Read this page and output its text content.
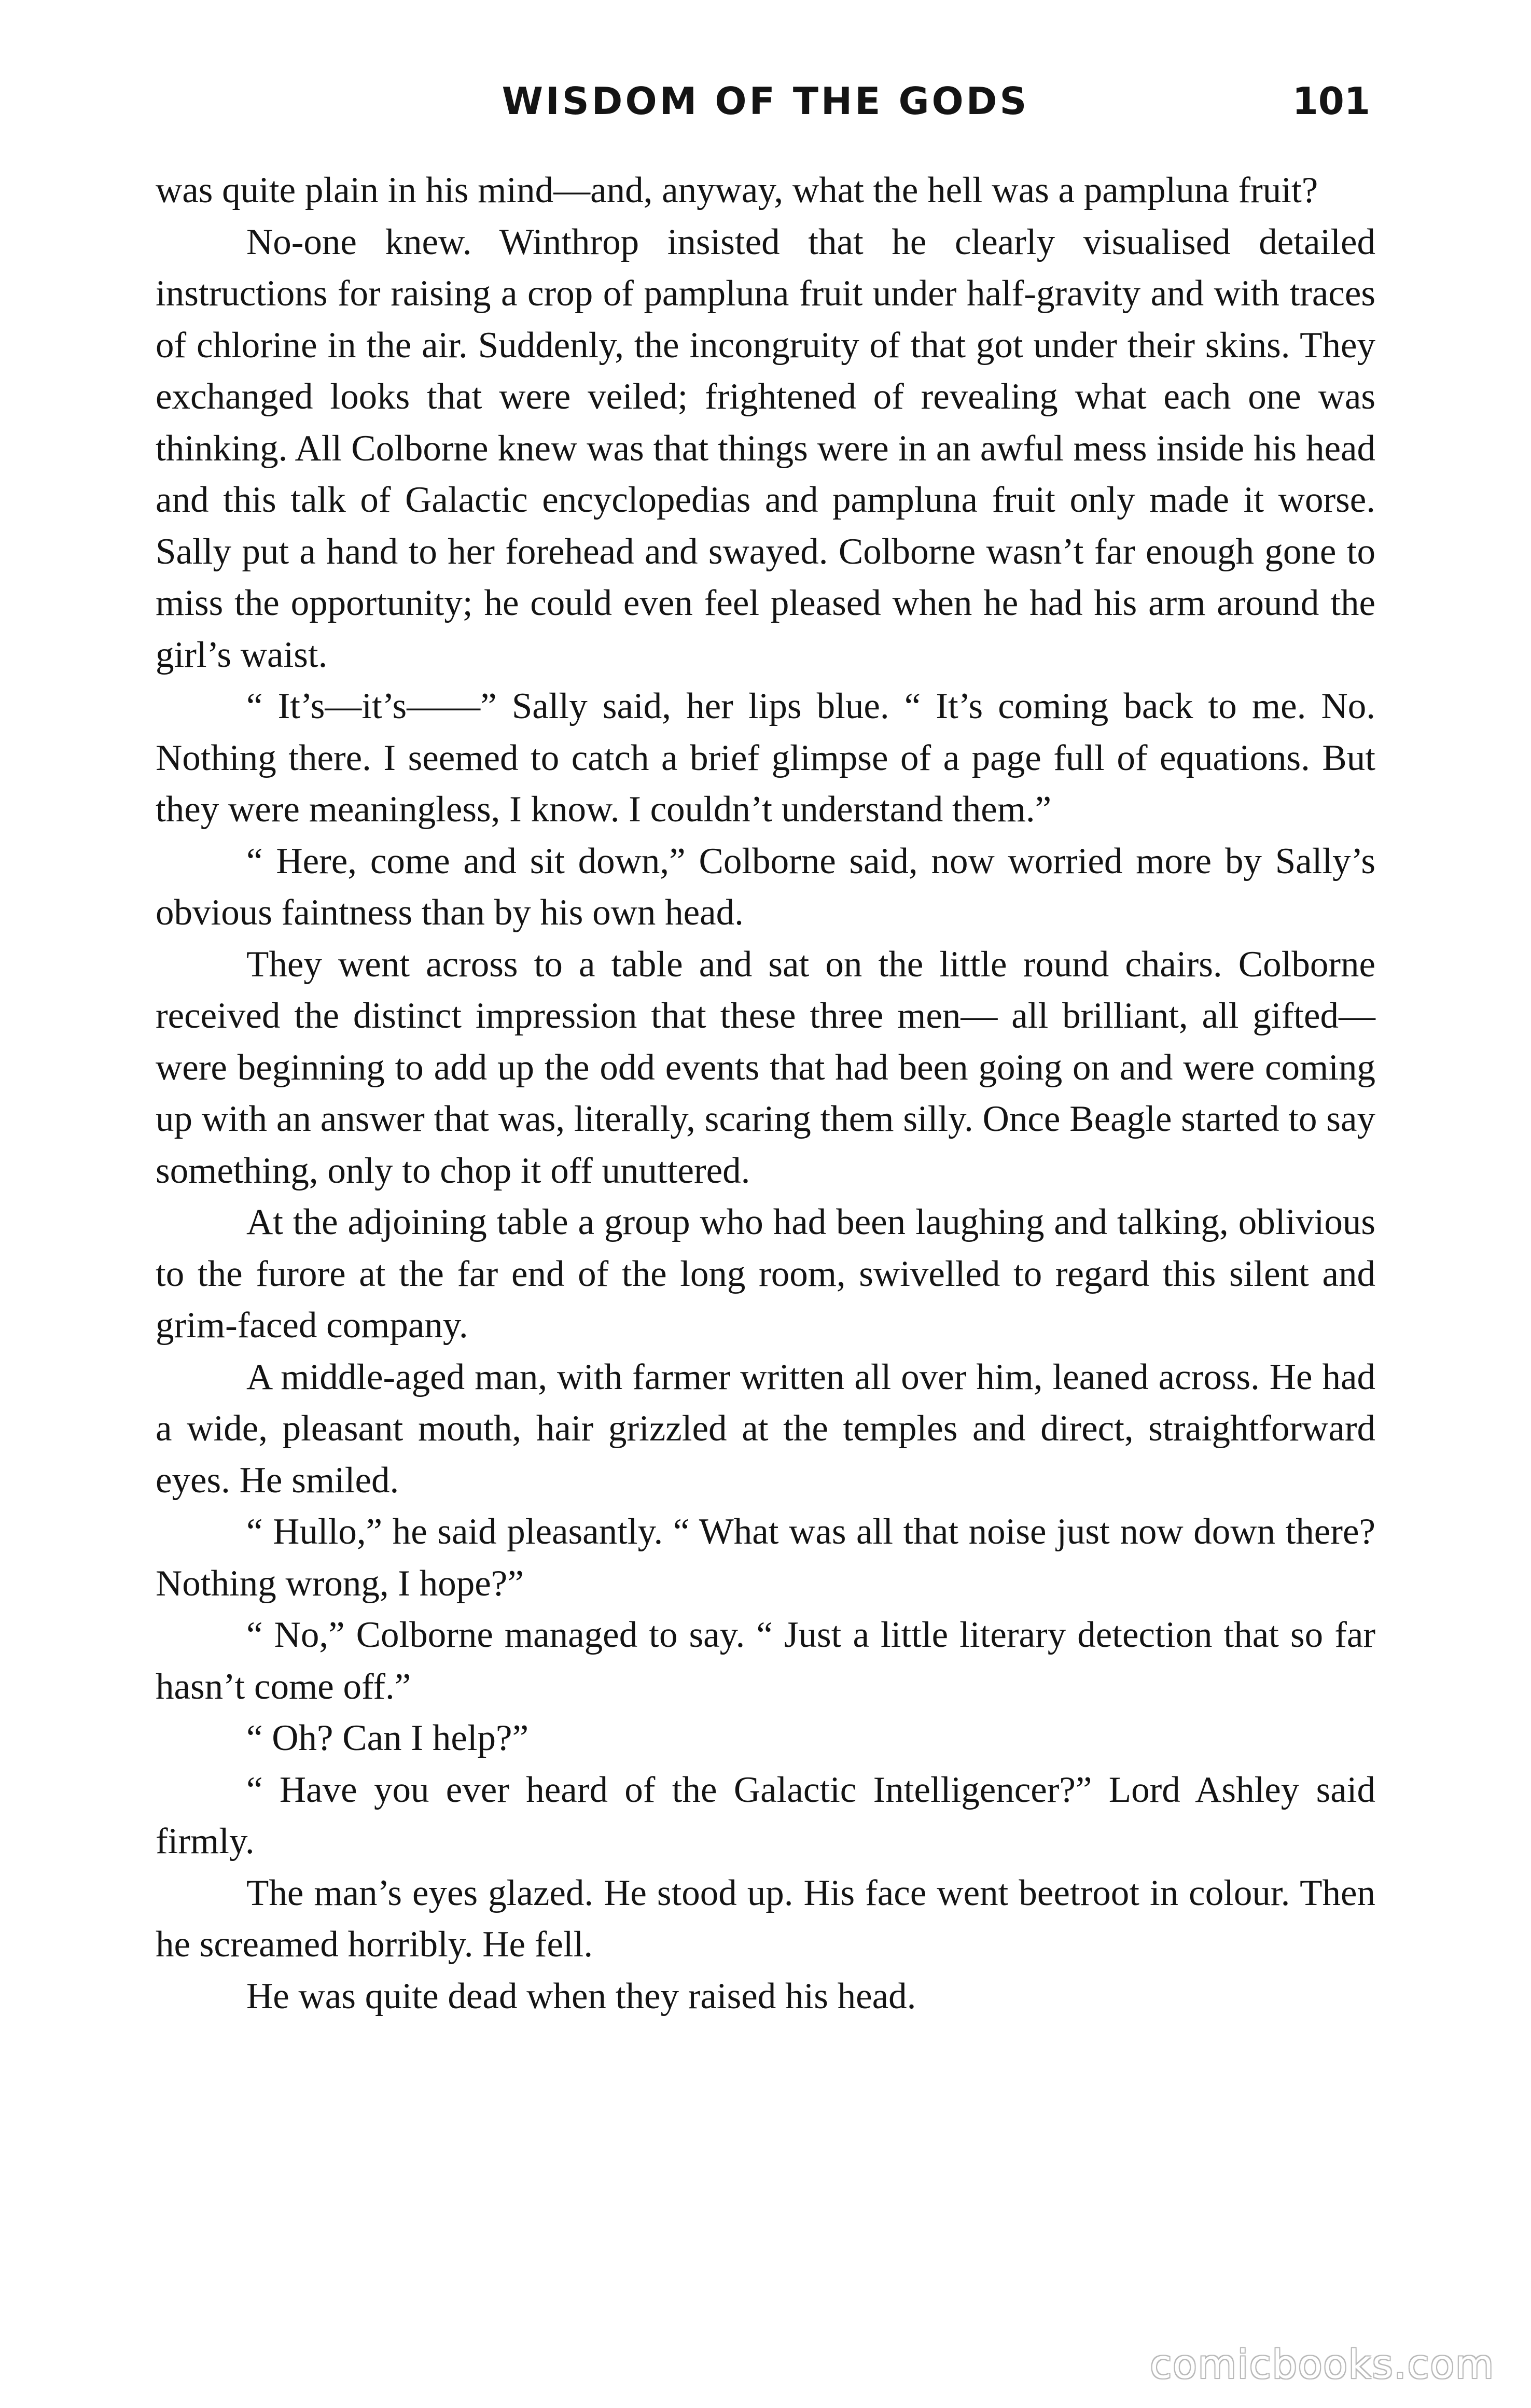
WISDOM OF THE GODS	101

was quite plain in his mind—and, anyway, what the hell was a pampluna fruit?

No-one knew. Winthrop insisted that he clearly visualised detailed instructions for raising a crop of pampluna fruit under half-gravity and with traces of chlorine in the air. Suddenly, the incongruity of that got under their skins. They exchanged looks that were veiled; frightened of revealing what each one was thinking. All Colborne knew was that things were in an awful mess inside his head and this talk of Galactic encyclopedias and pampluna fruit only made it worse. Sally put a hand to her forehead and swayed. Colborne wasn’t far enough gone to miss the opportunity; he could even feel pleased when he had his arm around the girl’s waist.

“ It’s—it’s——” Sally said, her lips blue. “ It’s coming back to me. No. Nothing there. I seemed to catch a brief glimpse of a page full of equations. But they were meaningless, I know. I couldn’t understand them.”

“ Here, come and sit down,” Colborne said, now worried more by Sally’s obvious faintness than by his own head.

They went across to a table and sat on the little round chairs. Colborne received the distinct impression that these three men— all brilliant, all gifted—were beginning to add up the odd events that had been going on and were coming up with an answer that was, literally, scaring them silly. Once Beagle started to say something, only to chop it off unuttered.

At the adjoining table a group who had been laughing and talking, oblivious to the furore at the far end of the long room, swivelled to regard this silent and grim-faced company.

A middle-aged man, with farmer written all over him, leaned across. He had a wide, pleasant mouth, hair grizzled at the temples and direct, straightforward eyes. He smiled.

“ Hullo,” he said pleasantly. “ What was all that noise just now down there? Nothing wrong, I hope?”

“ No,” Colborne managed to say. “ Just a little literary detection that so far hasn’t come off.”

“ Oh? Can I help?”

“ Have you ever heard of the Galactic Intelligencer?” Lord Ashley said firmly.

The man’s eyes glazed. He stood up. His face went beetroot in colour. Then he screamed horribly. He fell.

He was quite dead when they raised his head.

comicbooks.com
